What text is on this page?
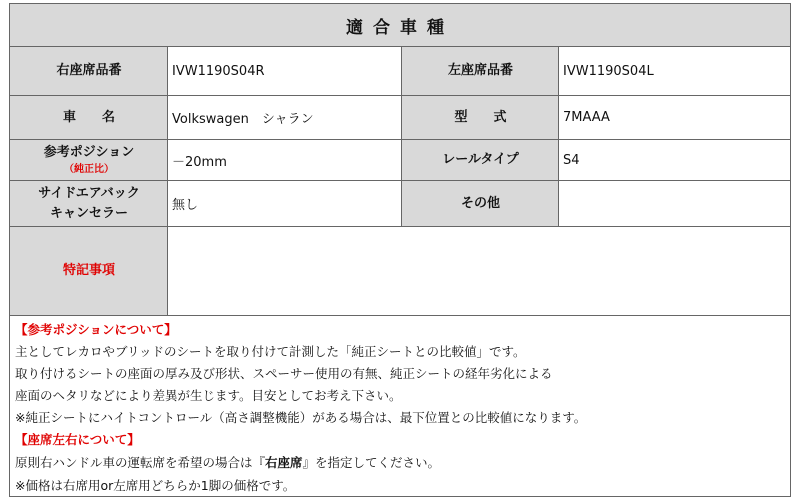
適合車種
右座席品番	IVW1190S04R	左座席品番	IVW1190S04L
車　　名	Volkswagen　シャラン	型　　式	7MAAA
参考ポジション
（純正比）
－20mm	レールタイプ	S4
サイドエアバック
キャンセラー	無し	その他
特記事項
【参考ポジションについて】
主としてレカロやブリッドのシートを取り付けて計測した「純正シートとの比較値」です。
取り付けるシートの座面の厚み及び形状、スペーサー使用の有無、純正シートの経年劣化による
座面のヘタリなどにより差異が生じます。目安としてお考え下さい。
※純正シートにハイトコントロール（高さ調整機能）がある場合は、最下位置との比較値になります。
【座席左右について】
原則右ハンドル車の運転席を希望の場合は『右座席』を指定してください。
※価格は右席用or左席用どちらか1脚の価格です。
